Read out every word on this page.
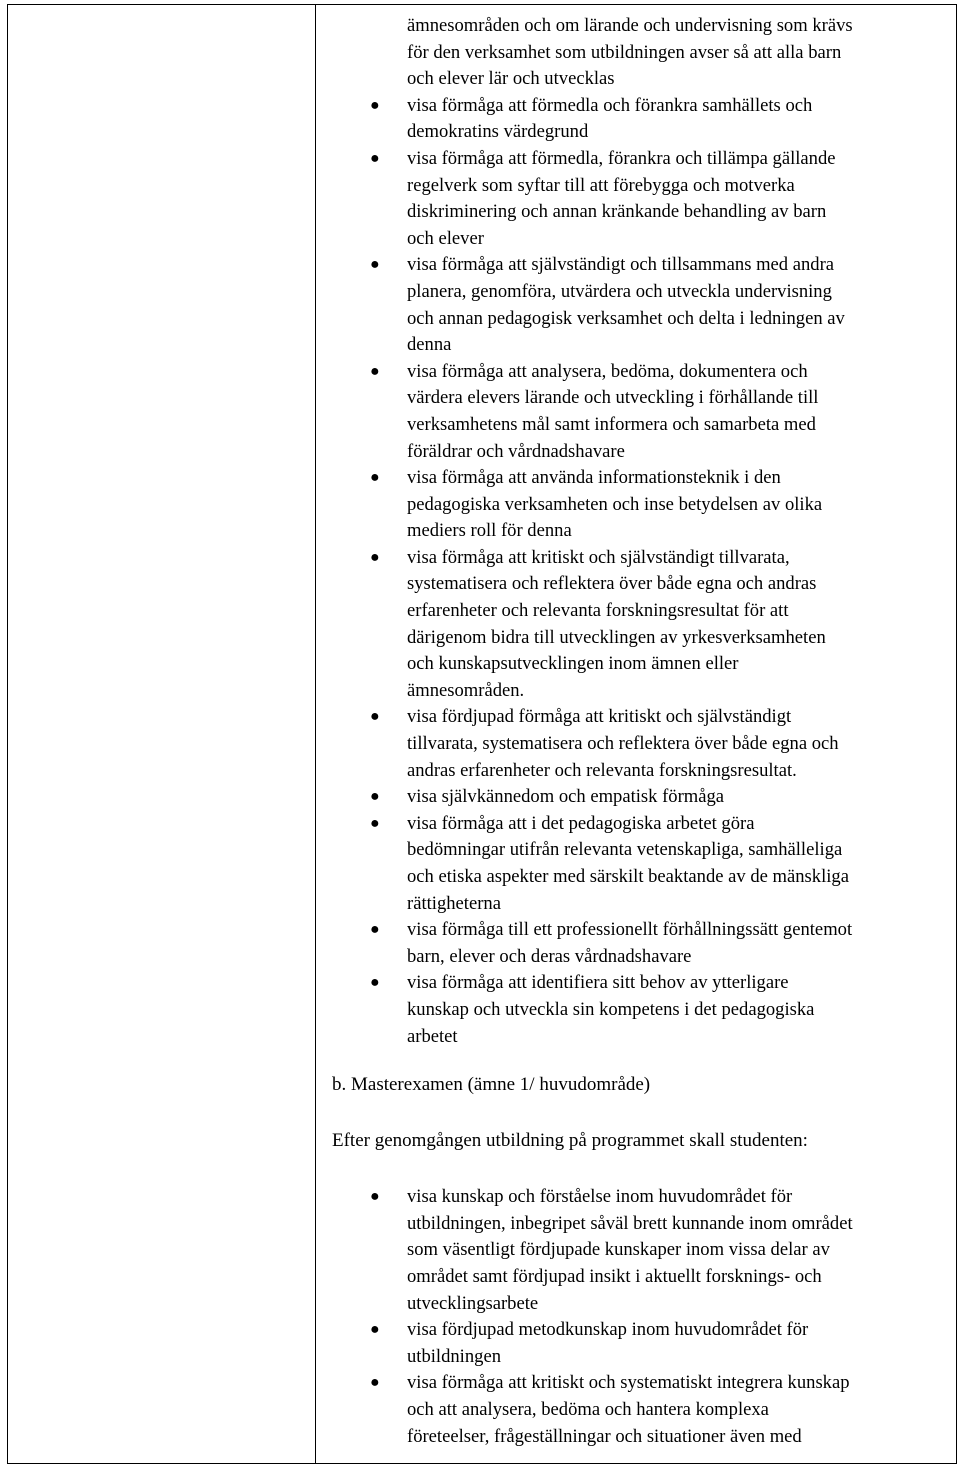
ämnesområden och om lärande och undervisning som krävs
för den verksamhet som utbildningen avser så att alla barn
och elever lär och utvecklas

● visa förmåga att förmedla och förankra samhällets och
demokratins värdegrund
● visa förmåga att förmedla, förankra och tillämpa gällande
regelverk som syftar till att förebygga och motverka
diskriminering och annan kränkande behandling av barn
och elever
● visa förmåga att självständigt och tillsammans med andra
planera, genomföra, utvärdera och utveckla undervisning
och annan pedagogisk verksamhet och delta i ledningen av
denna
● visa förmåga att analysera, bedöma, dokumentera och
värdera elevers lärande och utveckling i förhållande till
verksamhetens mål samt informera och samarbeta med
föräldrar och vårdnadshavare
● visa förmåga att använda informationsteknik i den
pedagogiska verksamheten och inse betydelsen av olika
mediers roll för denna
● visa förmåga att kritiskt och självständigt tillvarata,
systematisera och reflektera över både egna och andras
erfarenheter och relevanta forskningsresultat för att
därigenom bidra till utvecklingen av yrkesverksamheten
och kunskapsutvecklingen inom ämnen eller
ämnesområden.
● visa fördjupad förmåga att kritiskt och självständigt
tillvarata, systematisera och reflektera över både egna och
andras erfarenheter och relevanta forskningsresultat.
● visa självkännedom och empatisk förmåga
● visa förmåga att i det pedagogiska arbetet göra
bedömningar utifrån relevanta vetenskapliga, samhälleliga
och etiska aspekter med särskilt beaktande av de mänskliga
rättigheterna
● visa förmåga till ett professionellt förhållningssätt gentemot
barn, elever och deras vårdnadshavare
● visa förmåga att identifiera sitt behov av ytterligare
kunskap och utveckla sin kompetens i det pedagogiska
arbetet

b. Masterexamen (ämne 1/ huvudområde)

Efter genomgången utbildning på programmet skall studenten:

● visa kunskap och förståelse inom huvudområdet för
utbildningen, inbegripet såväl brett kunnande inom området
som väsentligt fördjupade kunskaper inom vissa delar av
området samt fördjupad insikt i aktuellt forsknings- och
utvecklingsarbete
● visa fördjupad metodkunskap inom huvudområdet för
utbildningen
● visa förmåga att kritiskt och systematiskt integrera kunskap
och att analysera, bedöma och hantera komplexa
företeelser, frågeställningar och situationer även med
